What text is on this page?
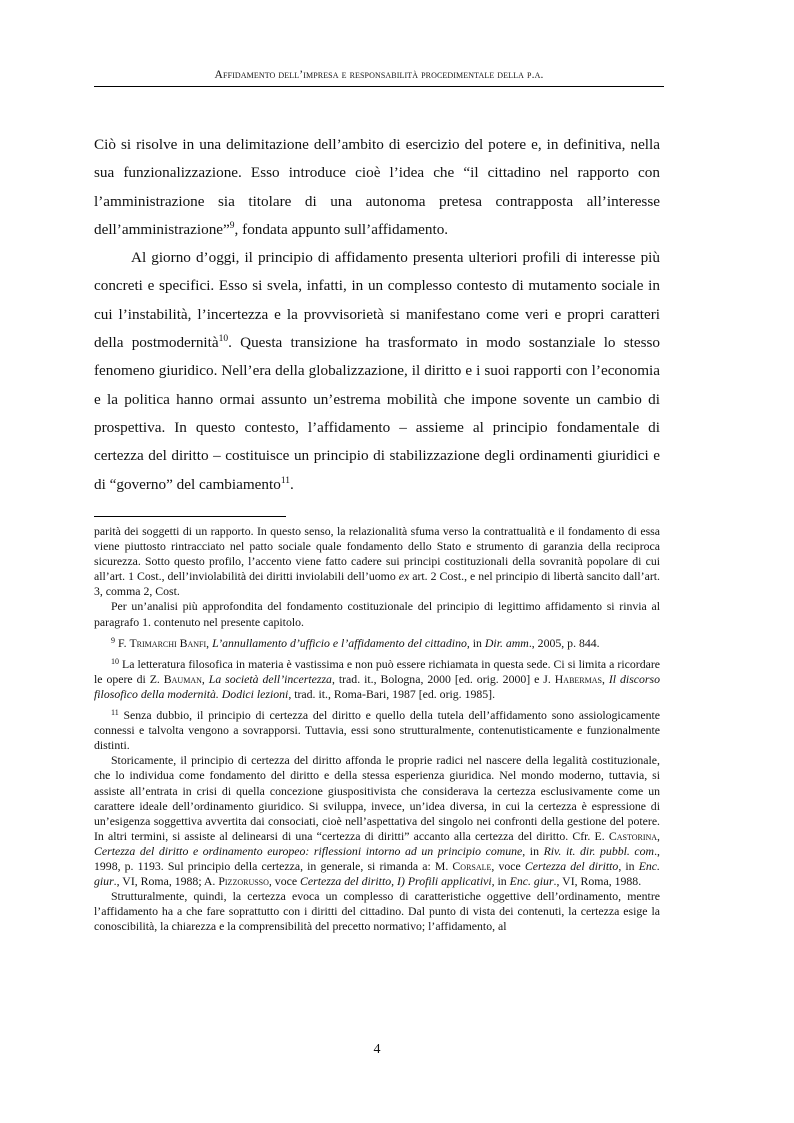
Affidamento dell’impresa e responsabilità procedimentale della p.a.

Ciò si risolve in una delimitazione dell’ambito di esercizio del potere e, in definitiva, nella sua funzionalizzazione. Esso introduce cioè l’idea che “il cittadino nel rapporto con l’amministrazione sia titolare di una autonoma pretesa contrapposta all’interesse dell’amministrazione”$^9$, fondata appunto sull’affidamento.

Al giorno d’oggi, il principio di affidamento presenta ulteriori profili di interesse più concreti e specifici. Esso si svela, infatti, in un complesso contesto di mutamento sociale in cui l’instabilità, l’incertezza e la provvisorietà si manifestano come veri e propri caratteri della postmodernità$^{10}$. Questa transizione ha trasformato in modo sostanziale lo stesso fenomeno giuridico. Nell’era della globalizzazione, il diritto e i suoi rapporti con l’economia e la politica hanno ormai assunto un’estrema mobilità che impone sovente un cambio di prospettiva. In questo contesto, l’affidamento – assieme al principio fondamentale di certezza del diritto – costituisce un principio di stabilizzazione degli ordinamenti giuridici e di “governo” del cambiamento$^{11}$.

parità dei soggetti di un rapporto. In questo senso, la relazionalità sfuma verso la contrattualità e il fondamento di essa viene piuttosto rintracciato nel patto sociale quale fondamento dello Stato e strumento di garanzia della reciproca sicurezza. Sotto questo profilo, l’accento viene fatto cadere sui principi costituzionali della sovranità popolare di cui all’art. 1 Cost., dell’inviolabilità dei diritti inviolabili dell’uomo ex art. 2 Cost., e nel principio di libertà sancito dall’art. 3, comma 2, Cost.

Per un’analisi più approfondita del fondamento costituzionale del principio di legittimo affidamento si rinvia al paragrafo 1. contenuto nel presente capitolo.

$^9$ F. Trimarchi Banfi, L’annullamento d’ufficio e l’affidamento del cittadino, in Dir. amm., 2005, p. 844.

$^{10}$ La letteratura filosofica in materia è vastissima e non può essere richiamata in questa sede. Ci si limita a ricordare le opere di Z. Bauman, La società dell’incertezza, trad. it., Bologna, 2000 [ed. orig. 2000] e J. Habermas, Il discorso filosofico della modernità. Dodici lezioni, trad. it., Roma-Bari, 1987 [ed. orig. 1985].

$^{11}$ Senza dubbio, il principio di certezza del diritto e quello della tutela dell’affidamento sono assiologicamente connessi e talvolta vengono a sovrapporsi. Tuttavia, essi sono strutturalmente, contenutisticamente e funzionalmente distinti.

Storicamente, il principio di certezza del diritto affonda le proprie radici nel nascere della legalità costituzionale, che lo individua come fondamento del diritto e della stessa esperienza giuridica. Nel mondo moderno, tuttavia, si assiste all’entrata in crisi di quella concezione giuspositivista che considerava la certezza esclusivamente come un carattere ideale dell’ordinamento giuridico. Si sviluppa, invece, un’idea diversa, in cui la certezza è espressione di un’esigenza soggettiva avvertita dai consociati, cioè nell’aspettativa del singolo nei confronti della gestione del potere. In altri termini, si assiste al delinearsi di una “certezza di diritti” accanto alla certezza del diritto. Cfr. E. Castorina, Certezza del diritto e ordinamento europeo: riflessioni intorno ad un principio comune, in Riv. it. dir. pubbl. com., 1998, p. 1193. Sul principio della certezza, in generale, si rimanda a: M. Corsale, voce Certezza del diritto, in Enc. giur., VI, Roma, 1988; A. Pizzorusso, voce Certezza del diritto, I) Profili applicativi, in Enc. giur., VI, Roma, 1988.

Strutturalmente, quindi, la certezza evoca un complesso di caratteristiche oggettive dell’ordinamento, mentre l’affidamento ha a che fare soprattutto con i diritti del cittadino. Dal punto di vista dei contenuti, la certezza esige la conoscibilità, la chiarezza e la comprensibilità del precetto normativo; l’affidamento, al

4
